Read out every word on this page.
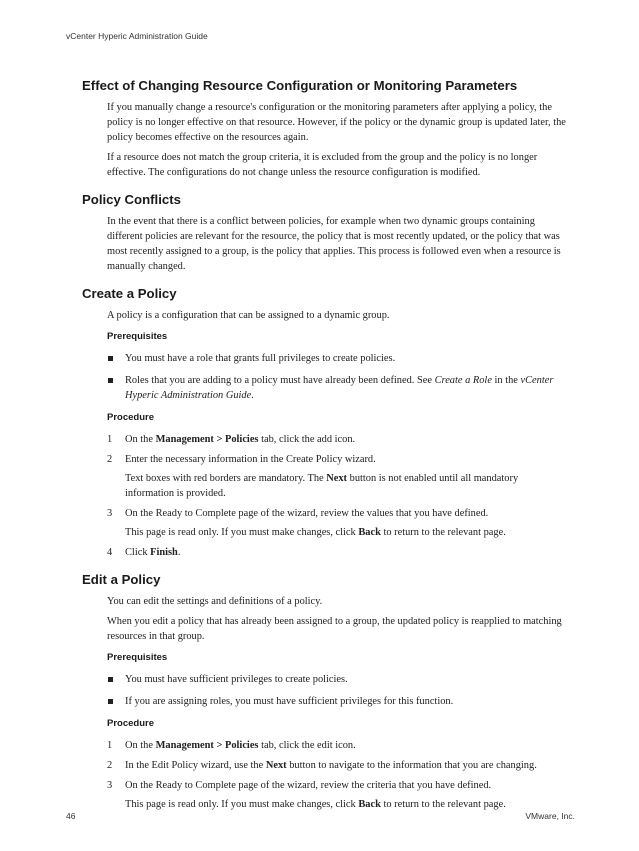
vCenter Hyperic Administration Guide
Effect of Changing Resource Configuration or Monitoring Parameters

If you manually change a resource's configuration or the monitoring parameters after applying a policy, the policy is no longer effective on that resource. However, if the policy or the dynamic group is updated later, the policy becomes effective on the resources again.

If a resource does not match the group criteria, it is excluded from the group and the policy is no longer effective. The configurations do not change unless the resource configuration is modified.

Policy Conflicts

In the event that there is a conflict between policies, for example when two dynamic groups containing different policies are relevant for the resource, the policy that is most recently updated, or the policy that was most recently assigned to a group, is the policy that applies. This process is followed even when a resource is manually changed.

Create a Policy

A policy is a configuration that can be assigned to a dynamic group.

Prerequisites
You must have a role that grants full privileges to create policies.
Roles that you are adding to a policy must have already been defined. See Create a Role in the vCenter Hyperic Administration Guide.
Procedure
1 On the Management > Policies tab, click the add icon.
2 Enter the necessary information in the Create Policy wizard.

Text boxes with red borders are mandatory. The Next button is not enabled until all mandatory information is provided.

3 On the Ready to Complete page of the wizard, review the values that you have defined.

This page is read only. If you must make changes, click Back to return to the relevant page.

4 Click Finish.
Edit a Policy

You can edit the settings and definitions of a policy.

When you edit a policy that has already been assigned to a group, the updated policy is reapplied to matching resources in that group.

Prerequisites
You must have sufficient privileges to create policies.
If you are assigning roles, you must have sufficient privileges for this function.
Procedure
1 On the Management > Policies tab, click the edit icon.
2 In the Edit Policy wizard, use the Next button to navigate to the information that you are changing.
3 On the Ready to Complete page of the wizard, review the criteria that you have defined.

This page is read only. If you must make changes, click Back to return to the relevant page.

46	VMware, Inc.
